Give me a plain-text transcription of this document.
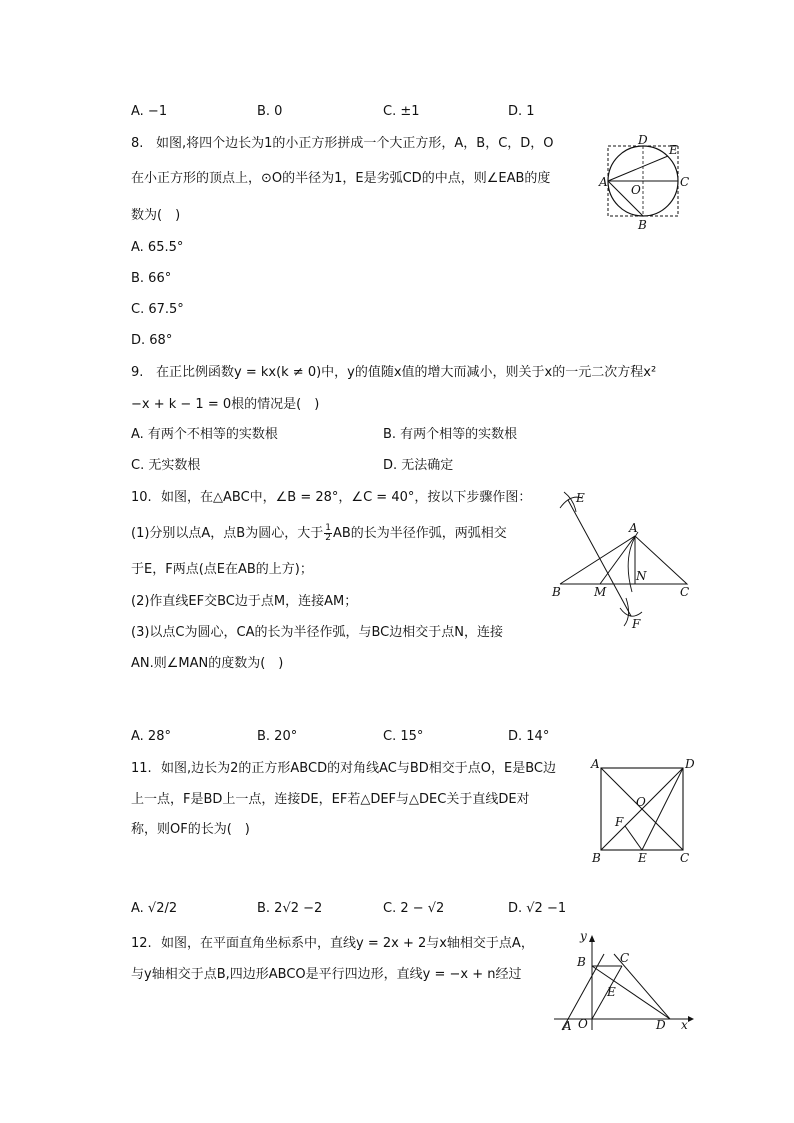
A. −1	B. 0	C. ±1	D. 1
8. 如图,将四个边长为1的小正方形拼成一个大正方形，A，B，C，D，O
在小正方形的顶点上，⊙O的半径为1，E是劣弧CD的中点，则∠EAB的度
数为(　)
A. 65.5°
B. 66°
C. 67.5°
D. 68°
A
B
C
D
E
O
9. 在正比例函数y = kx(k ≠ 0)中，y的值随x值的增大而减小，则关于x的一元二次方程x²
−x + k − 1 = 0根的情况是(　)
A. 有两个不相等的实数根	B. 有两个相等的实数根
C. 无实数根	D. 无法确定
10. 如图，在△ABC中，∠B = 28°，∠C = 40°，按以下步骤作图：
(1)分别以点A，点B为圆心，大于 $\frac{1}{2}$ AB的长为半径作弧，两弧相交
于E，F两点(点E在AB的上方)；
(2)作直线EF交BC边于点M，连接AM；
(3)以点C为圆心，CA的长为半径作弧，与BC边相交于点N，连接
AN.则∠MAN的度数为(　)
A. 28°	B. 20°	C. 15°	D. 14°
E
A
B	M
N
C
F
11. 如图,边长为2的正方形ABCD的对角线AC与BD相交于点O，E是BC边
上一点，F是BD上一点，连接DE，EF若△DEF与△DEC关于直线DE对
称，则OF的长为(　)
A. √2/2	B. 2√2 −2	C. 2 − √2	D. √2 −1
A	D
O
F
B	E	C
12. 如图，在平面直角坐标系中，直线y = 2x + 2与x轴相交于点A，
与y轴相交于点B,四边形ABCO是平行四边形，直线y = −x + n经过
y
B	C
E
A O	D x
